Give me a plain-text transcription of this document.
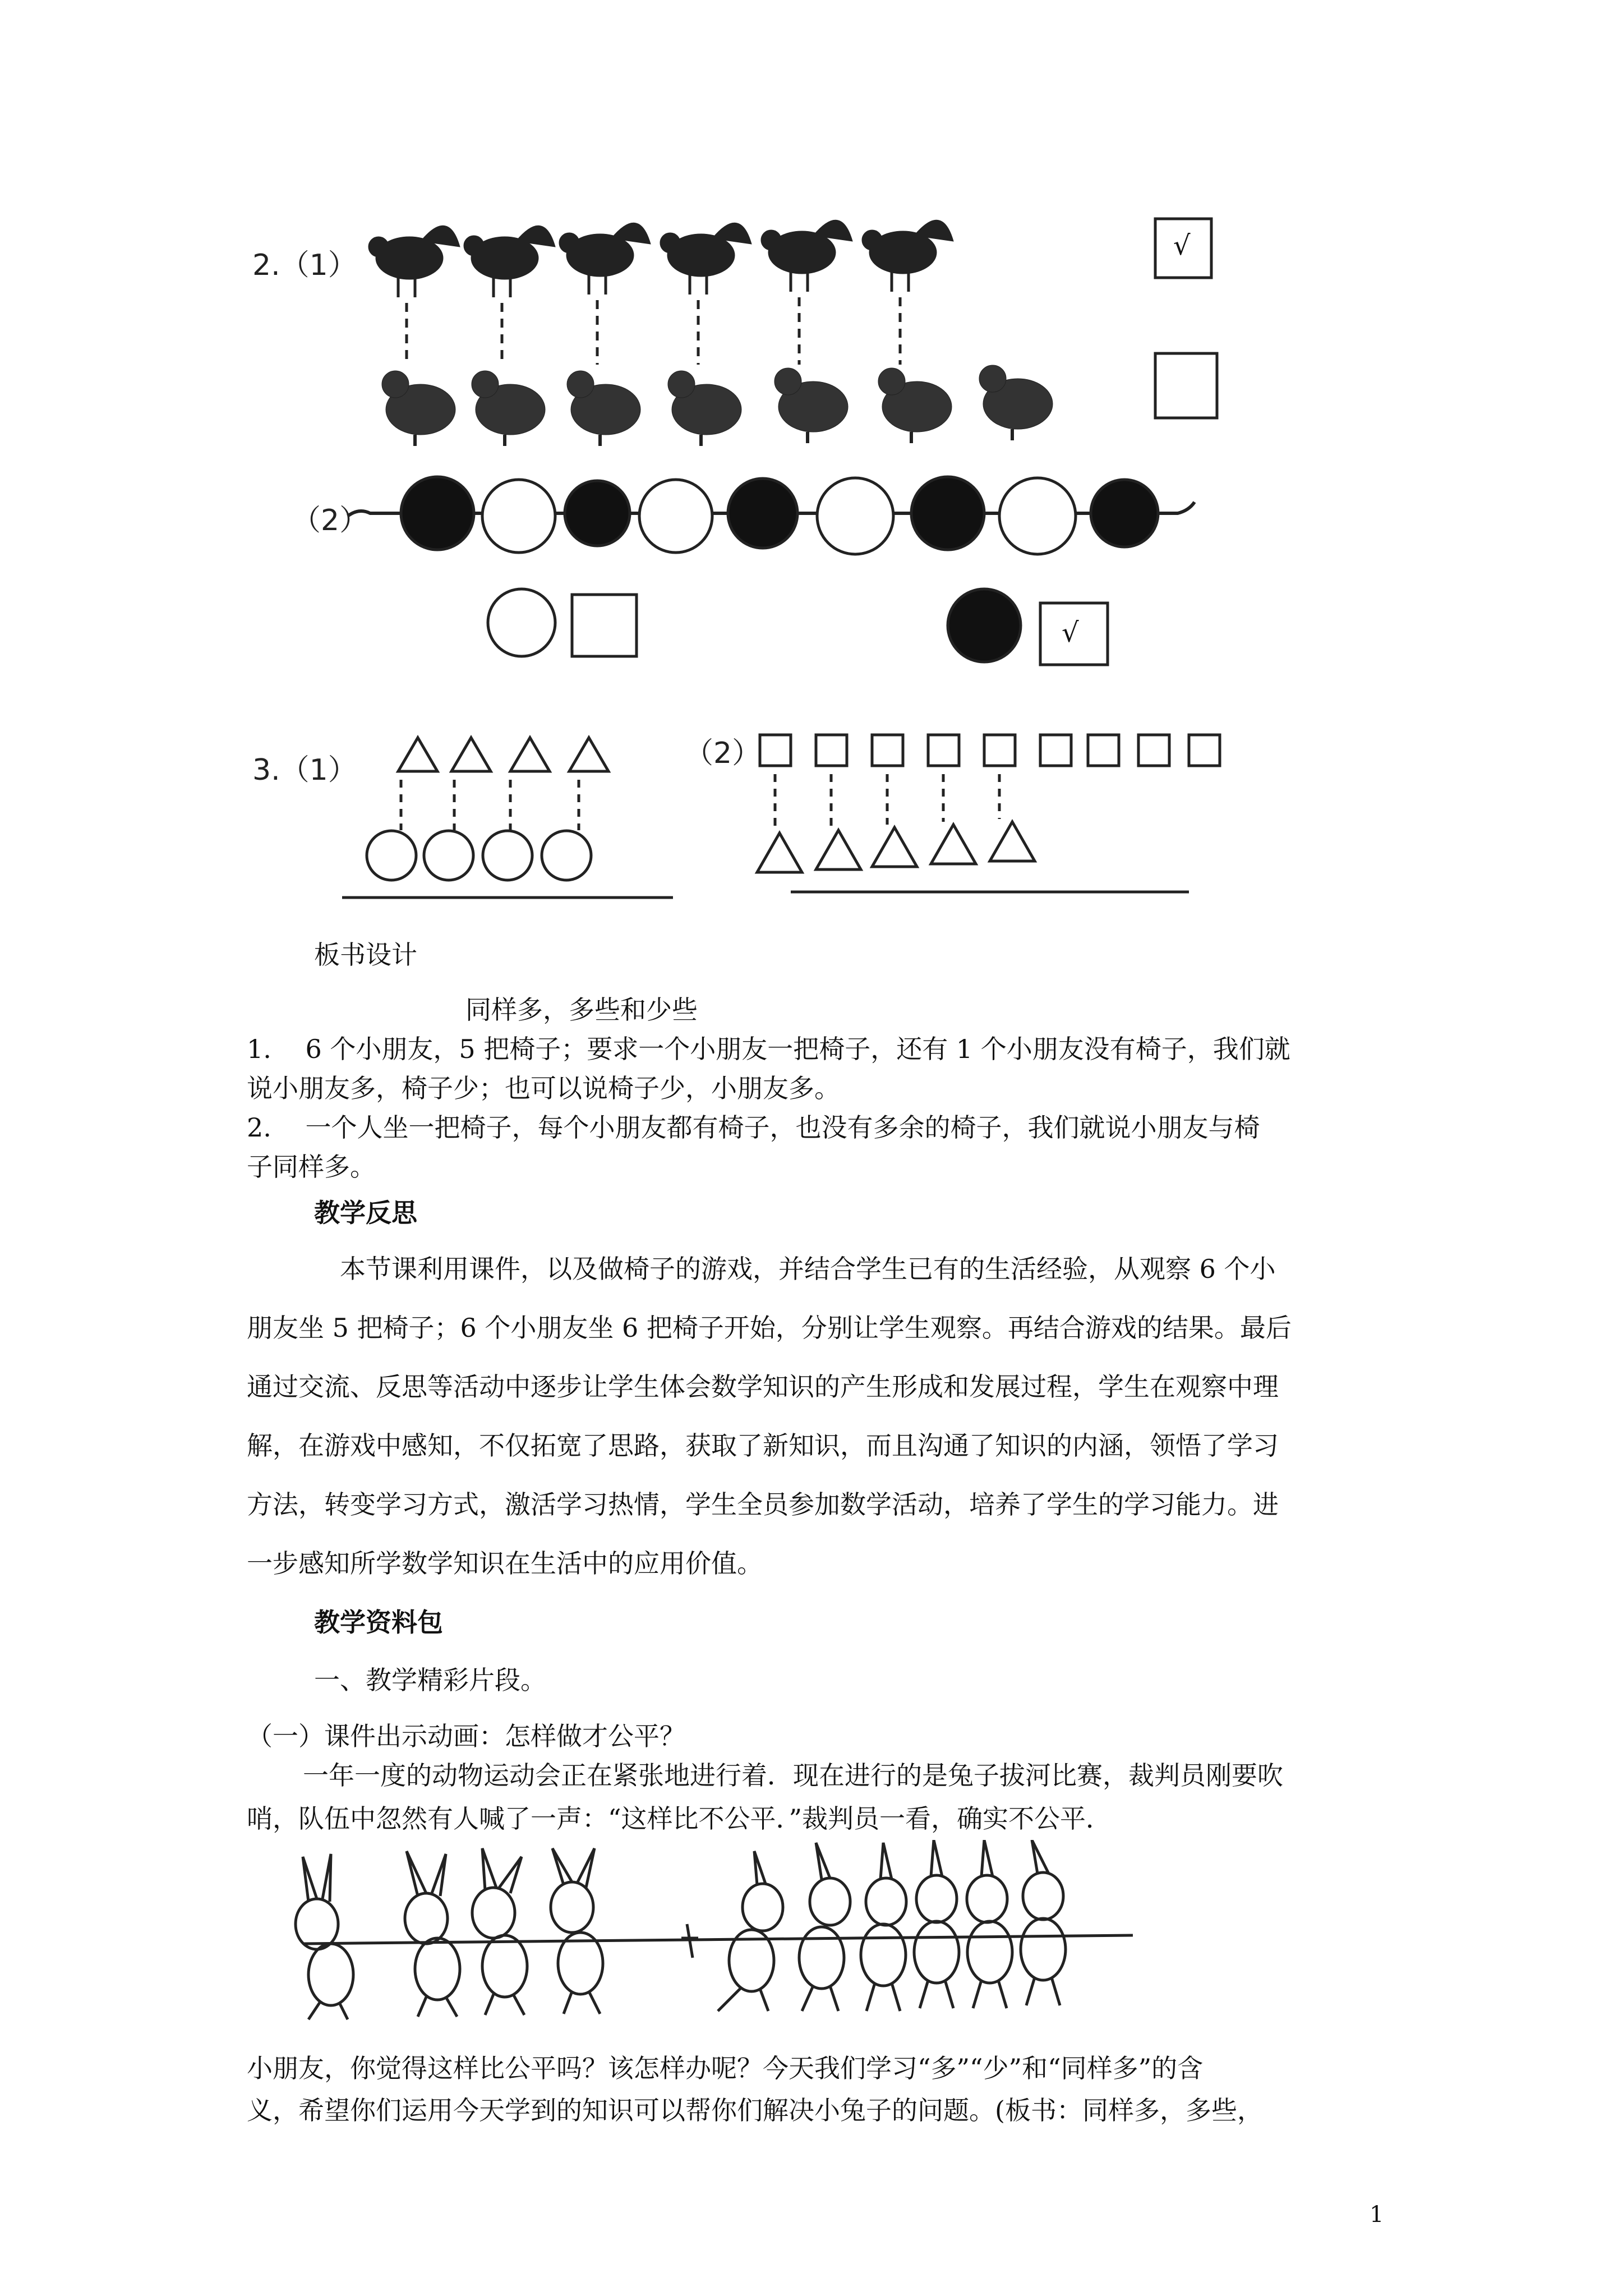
2.（1）
√
（2）
√
3.（1）	（2）
板书设计
同样多，多些和少些
1.　 6 个小朋友，5 把椅子；要求一个小朋友一把椅子，还有 1 个小朋友没有椅子，我们就
说小朋友多，椅子少；也可以说椅子少，小朋友多。
2.　 一个人坐一把椅子，每个小朋友都有椅子，也没有多余的椅子，我们就说小朋友与椅
子同样多。
教学反思
　本节课利用课件，以及做椅子的游戏，并结合学生已有的生活经验，从观察 6 个小
朋友坐 5 把椅子；6 个小朋友坐 6 把椅子开始，分别让学生观察。再结合游戏的结果。最后
通过交流、反思等活动中逐步让学生体会数学知识的产生形成和发展过程，学生在观察中理
解，在游戏中感知，不仅拓宽了思路，获取了新知识，而且沟通了知识的内涵，领悟了学习
方法，转变学习方式，激活学习热情，学生全员参加数学活动，培养了学生的学习能力。进
一步感知所学数学知识在生活中的应用价值。
教学资料包
一、教学精彩片段。
（一）课件出示动画：怎样做才公平？
一年一度的动物运动会正在紧张地进行着．现在进行的是兔子拔河比赛，裁判员刚要吹
哨，队伍中忽然有人喊了一声：“这样比不公平．”裁判员一看，确实不公平．
小朋友，你觉得这样比公平吗？该怎样办呢？今天我们学习“多”“少”和“同样多”的含
义，希望你们运用今天学到的知识可以帮你们解决小兔子的问题。(板书：同样多，多些，
1
